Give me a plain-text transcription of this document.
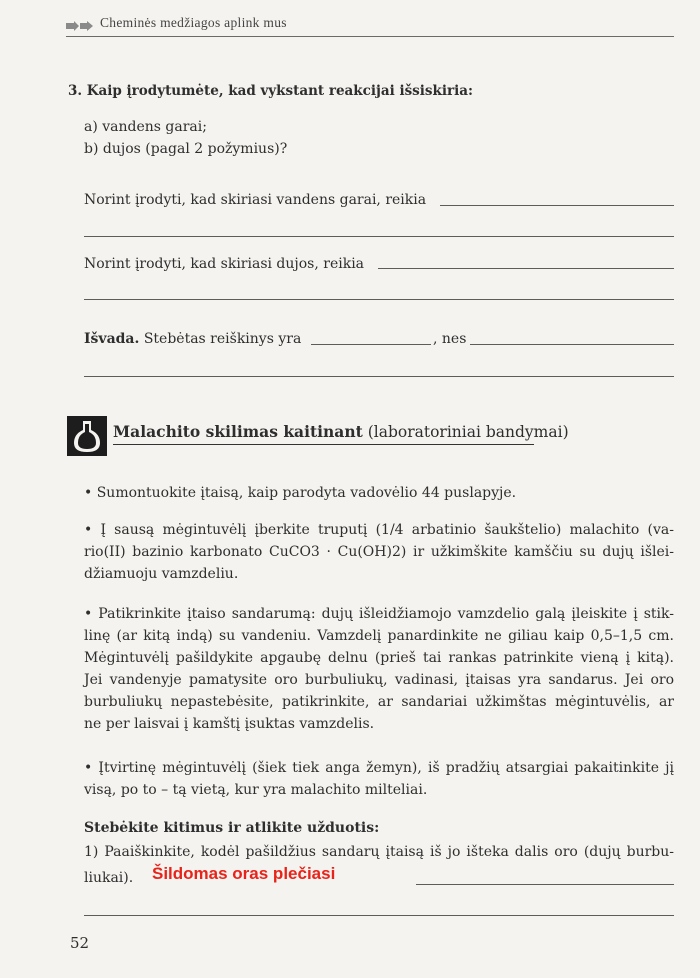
Cheminės medžiagos aplink mus
3. Kaip įrodytumėte, kad vykstant reakcijai išsiskiria:
a) vandens garai;
b) dujos (pagal 2 požymius)?
Norint įrodyti, kad skiriasi vandens garai, reikia
Norint įrodyti, kad skiriasi dujos, reikia
Išvada. Stebėtas reiškinys yra	, nes
Malachito skilimas kaitinant (laboratoriniai bandymai)
• Sumontuokite įtaisą, kaip parodyta vadovėlio 44 puslapyje.
• Į sausą mėgintuvėlį įberkite truputį (1/4 arbatinio šaukštelio) malachito (va-
rio(II) bazinio karbonato CuCO3 · Cu(OH)2) ir užkimškite kamščiu su dujų išlei-
džiamuoju vamzdeliu.
• Patikrinkite įtaiso sandarumą: dujų išleidžiamojo vamzdelio galą įleiskite į stik-
linę (ar kitą indą) su vandeniu. Vamzdelį panardinkite ne giliau kaip 0,5–1,5 cm.
Mėgintuvėlį pašildykite apgaubę delnu (prieš tai rankas patrinkite vieną į kitą).
Jei vandenyje pamatysite oro burbuliukų, vadinasi, įtaisas yra sandarus. Jei oro
burbuliukų nepastebėsite, patikrinkite, ar sandariai užkimštas mėgintuvėlis, ar
ne per laisvai į kamštį įsuktas vamzdelis.
• Įtvirtinę mėgintuvėlį (šiek tiek anga žemyn), iš pradžių atsargiai pakaitinkite jį
visą, po to – tą vietą, kur yra malachito milteliai.
Stebėkite kitimus ir atlikite užduotis:
1) Paaiškinkite, kodėl pašildžius sandarų įtaisą iš jo išteka dalis oro (dujų burbu-
liukai). Šildomas oras plečiasi
52
